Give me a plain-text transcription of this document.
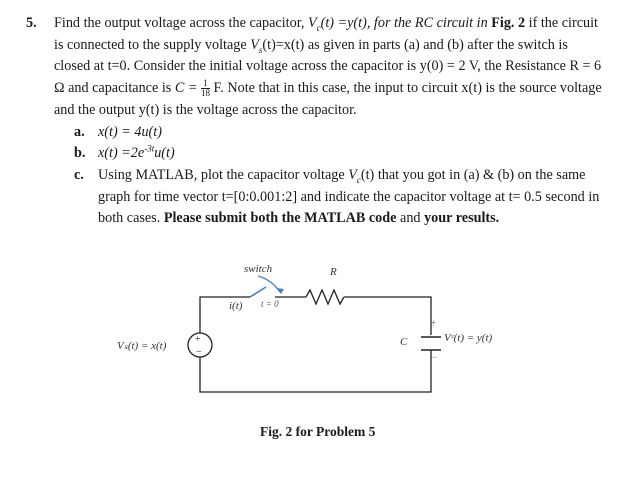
5. Find the output voltage across the capacitor, $V_c(t) =y(t)$, for the RC circuit in Fig. 2 if the circuit is connected to the supply voltage $V_s(t)=x(t)$ as given in parts (a) and (b) after the switch is closed at t=0. Consider the initial voltage across the capacitor is y(0) = 2 V, the Resistance R = 6 Ω and capacitance is $C = \frac{1}{18} F$. Note that in this case, the input to circuit x(t) is the source voltage and the output y(t) is the voltage across the capacitor.
a. x(t) = 4u(t)
b. $x(t) =2e^{-3t}u(t)$
c. Using MATLAB, plot the capacitor voltage $V_c(t)$ that you got in (a) & (b) on the same graph for time vector t=[0:0.001:2] and indicate the capacitor voltage at t= 0.5 second in both cases. Please submit both the MATLAB code and your results.
+
−
+
−
switch
i(t) t = 0
R
Vₛ(t) = x(t)	C	Vᶜ(t) = y(t)
Fig. 2 for Problem 5
